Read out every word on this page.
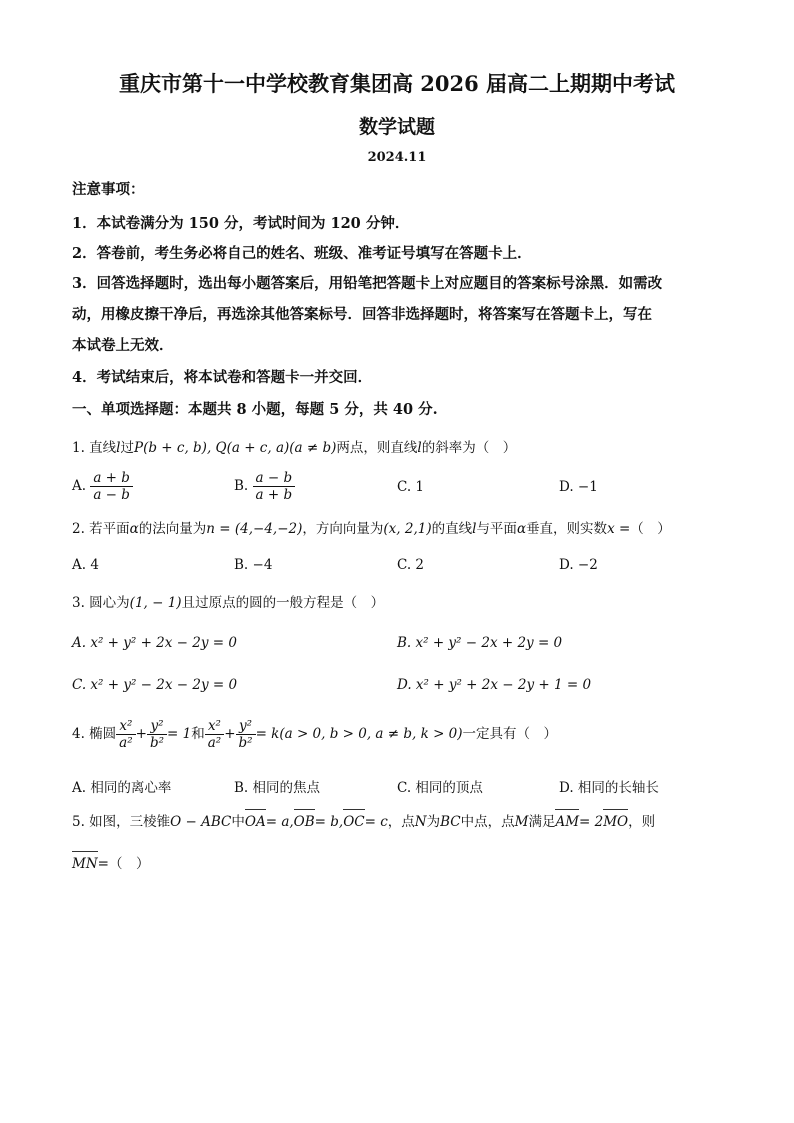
重庆市第十一中学校教育集团高 2026 届高二上期期中考试
数学试题
2024.11
注意事项：
1．本试卷满分为 150 分，考试时间为 120 分钟．
2．答卷前，考生务必将自己的姓名、班级、准考证号填写在答题卡上．
3．回答选择题时，选出每小题答案后，用铅笔把答题卡上对应题目的答案标号涂黑．如需改
动，用橡皮擦干净后，再选涂其他答案标号．回答非选择题时，将答案写在答题卡上，写在
本试卷上无效．
4．考试结束后，将本试卷和答题卡一并交回．
一、单项选择题：本题共 8 小题，每题 5 分，共 40 分.
1. 直线l过P(b + c, b), Q(a + c, a)(a ≠ b)两点，则直线l的斜率为（　）
A. $\frac{a + b}{a - b}$	B. $\frac{a - b}{a + b}$	C. 1	D. −1
2. 若平面α的法向量为n = (4,−4,−2)，方向向量为(x, 2,1)的直线l与平面α垂直，则实数x =（　）
A. 4	B. −4	C. 2	D. −2
3. 圆心为(1, − 1)且过原点的圆的一般方程是（　）
A. x² + y² + 2x − 2y = 0	B. x² + y² − 2x + 2y = 0
C. x² + y² − 2x − 2y = 0	D. x² + y² + 2x − 2y + 1 = 0
4. 椭圆 $\frac{\text{x²}}{\text{a²}} + \frac{\text{y²}}{\text{b²}} = 1$和 $\frac{\text{x²}}{\text{a²}} + \frac{\text{y²}}{\text{b²}} = k(a > 0$, b > 0, a ≠ b, k > 0)一定具有（　）
A. 相同的离心率	B. 相同的焦点	C. 相同的顶点	D. 相同的长轴长
5. 如图，三棱锥O − ABC中OA= a,OB= b,OC= c，点N为BC中点，点M满足AM= 2MO，则
MN=（　）
